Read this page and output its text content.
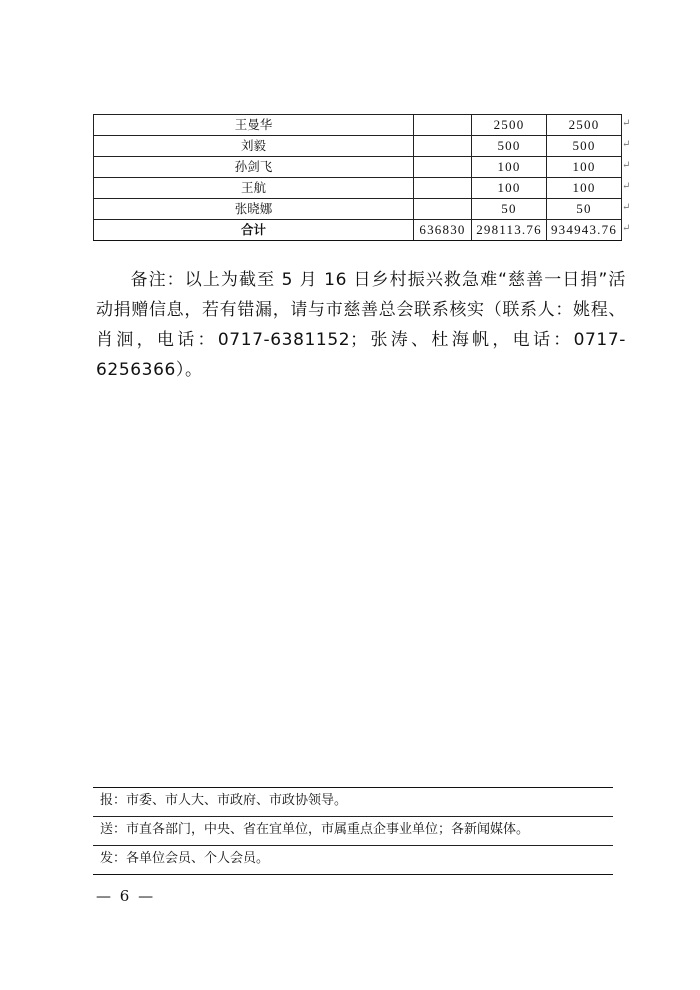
王曼华		2500	2500
刘毅		500	500
孙剑飞		100	100
王航		100	100
张晓娜		50	50
合计	636830	298113.76	934943.76
↵
↵
↵
↵
↵
↵

备注：以上为截至 5 月 16 日乡村振兴救急难“慈善一日捐”活动捐赠信息，若有错漏，请与市慈善总会联系核实（联系人：姚程、肖洄，电话：0717-6381152；张涛、杜海帆，电话：0717-6256366）。

报：市委、市人大、市政府、市政协领导。
送：市直各部门，中央、省在宜单位，市属重点企事业单位；各新闻媒体。
发：各单位会员、个人会员。
— 6 —
